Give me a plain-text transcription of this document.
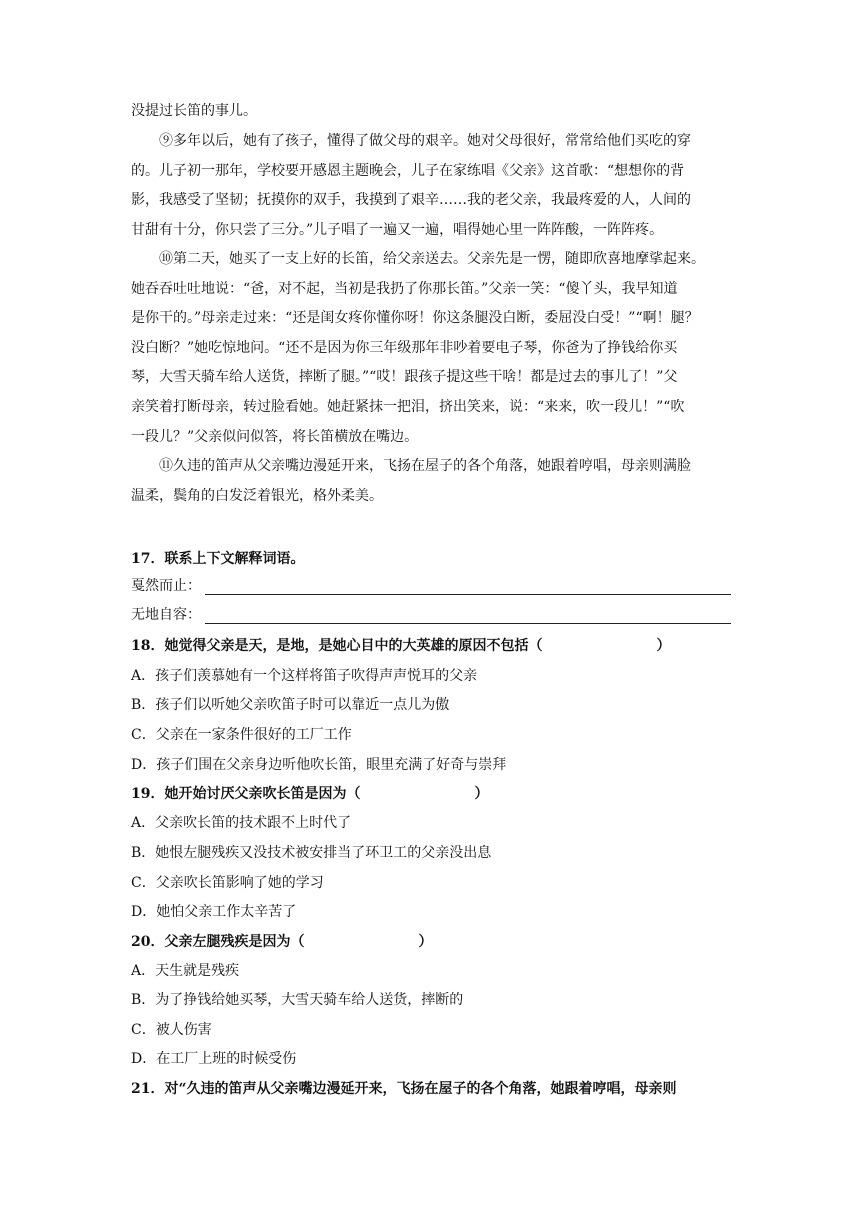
没提过长笛的事儿。
⑨多年以后，她有了孩子，懂得了做父母的艰辛。她对父母很好，常常给他们买吃的穿
的。儿子初一那年，学校要开感恩主题晚会，儿子在家练唱《父亲》这首歌：“想想你的背
影，我感受了坚韧；抚摸你的双手，我摸到了艰辛……我的老父亲，我最疼爱的人，人间的
甘甜有十分，你只尝了三分。”儿子唱了一遍又一遍，唱得她心里一阵阵酸，一阵阵疼。
⑩第二天，她买了一支上好的长笛，给父亲送去。父亲先是一愣，随即欣喜地摩挲起来。
她吞吞吐吐地说：“爸，对不起，当初是我扔了你那长笛。”父亲一笑：“傻丫头，我早知道
是你干的。”母亲走过来：“还是闺女疼你懂你呀！你这条腿没白断，委屈没白受！”“啊！腿？
没白断？”她吃惊地问。“还不是因为你三年级那年非吵着要电子琴，你爸为了挣钱给你买
琴，大雪天骑车给人送货，摔断了腿。”“哎！跟孩子提这些干啥！都是过去的事儿了！”父
亲笑着打断母亲，转过脸看她。她赶紧抹一把泪，挤出笑来，说：“来来，吹一段儿！”“吹
一段儿？”父亲似问似答，将长笛横放在嘴边。
⑪久违的笛声从父亲嘴边漫延开来，飞扬在屋子的各个角落，她跟着哼唱，母亲则满脸
温柔，鬓角的白发泛着银光，格外柔美。
17．联系上下文解释词语。
戛然而止：
无地自容：
18．她觉得父亲是天，是地，是她心目中的大英雄的原因不包括（	）
A．孩子们羡慕她有一个这样将笛子吹得声声悦耳的父亲
B．孩子们以听她父亲吹笛子时可以靠近一点儿为傲
C．父亲在一家条件很好的工厂工作
D．孩子们围在父亲身边听他吹长笛，眼里充满了好奇与崇拜
19．她开始讨厌父亲吹长笛是因为（	）
A．父亲吹长笛的技术跟不上时代了
B．她恨左腿残疾又没技术被安排当了环卫工的父亲没出息
C．父亲吹长笛影响了她的学习
D．她怕父亲工作太辛苦了
20．父亲左腿残疾是因为（	）
A．天生就是残疾
B．为了挣钱给她买琴，大雪天骑车给人送货，摔断的
C．被人伤害
D．在工厂上班的时候受伤
21．对“久违的笛声从父亲嘴边漫延开来，飞扬在屋子的各个角落，她跟着哼唱，母亲则
